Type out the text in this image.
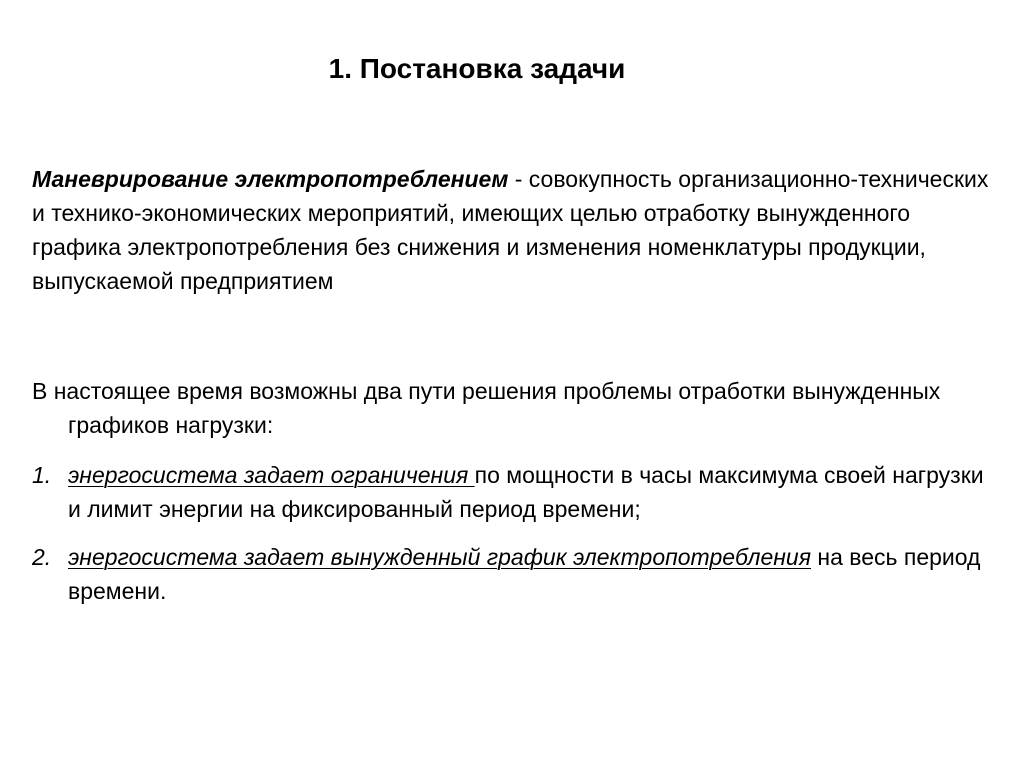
1. Постановка задачи

Маневрирование электропотреблением - совокупность организационно-технических и технико-экономических мероприятий, имеющих целью отработку вынужденного графика электропотребления без снижения и изменения номенклатуры продукции, выпускаемой предприятием

В настоящее время возможны два пути решения проблемы отработки вынужденных графиков нагрузки:

1. энергосистема задает ограничения по мощности в часы максимума своей нагрузки и лимит энергии на фиксированный период времени;

2. энергосистема задает вынужденный график электропотребления на весь период времени.
